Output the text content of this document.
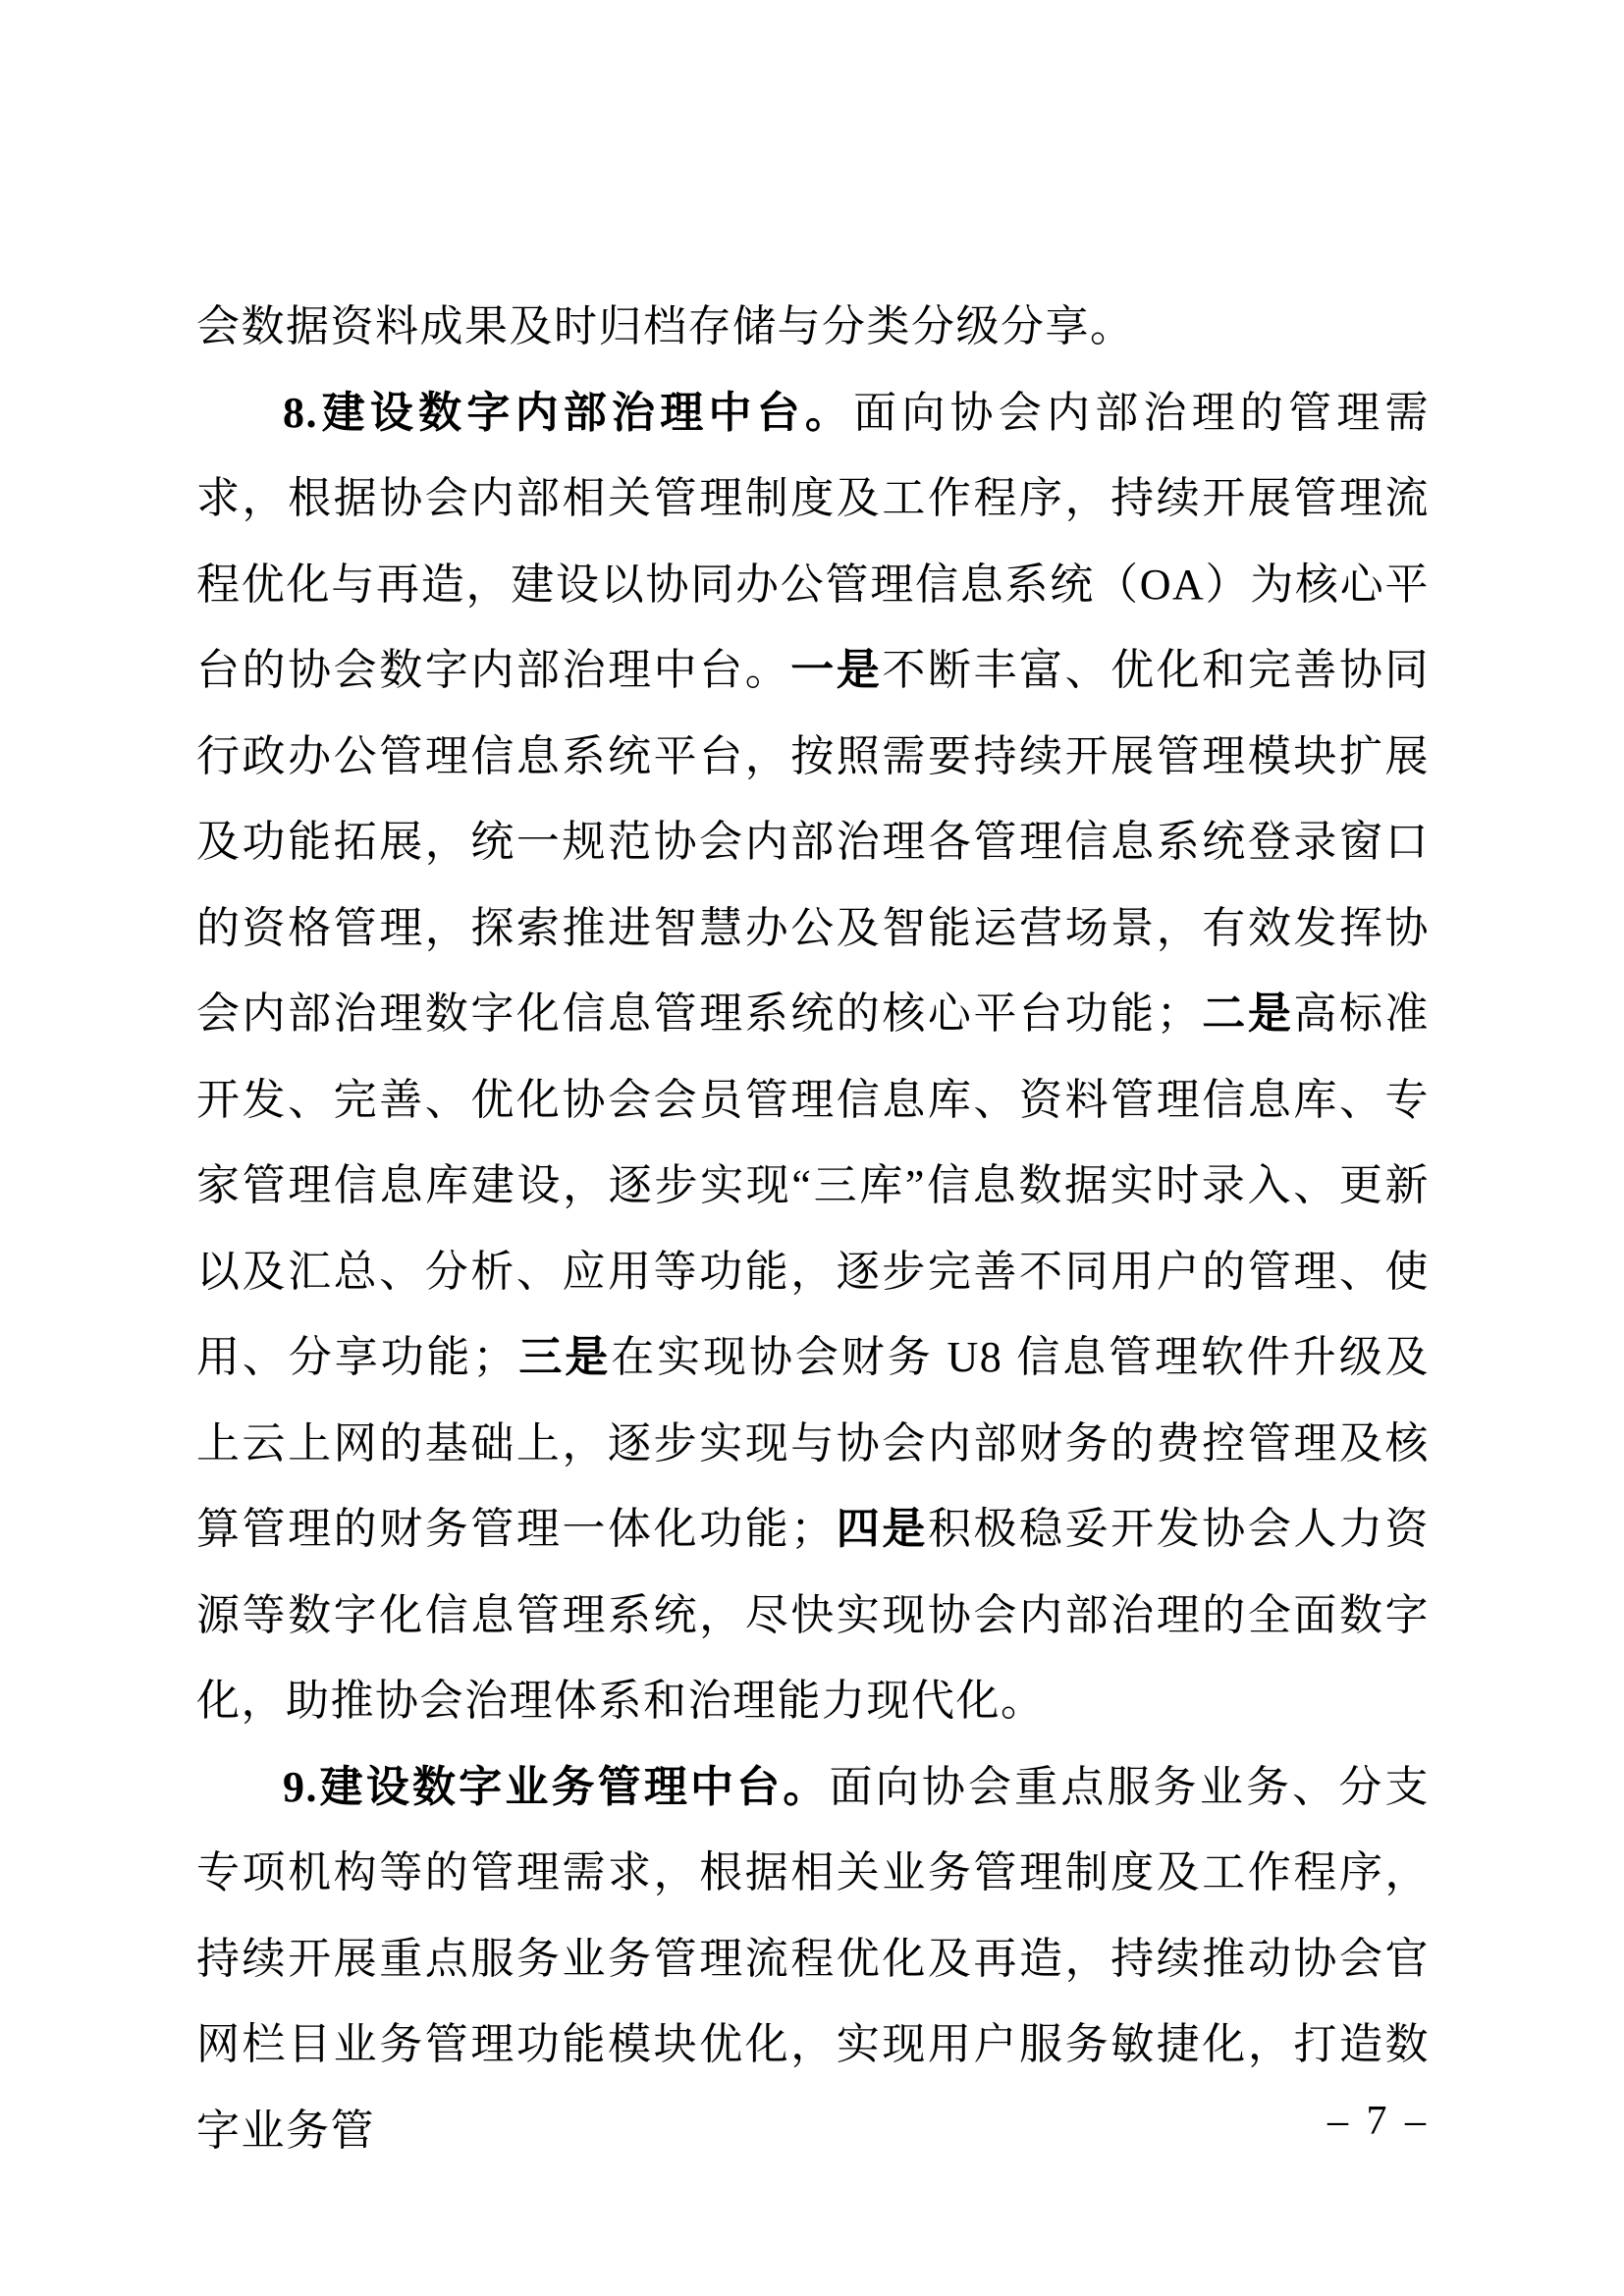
会数据资料成果及时归档存储与分类分级分享。

8.建设数字内部治理中台。面向协会内部治理的管理需求，根据协会内部相关管理制度及工作程序，持续开展管理流程优化与再造，建设以协同办公管理信息系统（OA）为核心平台的协会数字内部治理中台。一是不断丰富、优化和完善协同行政办公管理信息系统平台，按照需要持续开展管理模块扩展及功能拓展，统一规范协会内部治理各管理信息系统登录窗口的资格管理，探索推进智慧办公及智能运营场景，有效发挥协会内部治理数字化信息管理系统的核心平台功能；二是高标准开发、完善、优化协会会员管理信息库、资料管理信息库、专家管理信息库建设，逐步实现“三库”信息数据实时录入、更新以及汇总、分析、应用等功能，逐步完善不同用户的管理、使用、分享功能；三是在实现协会财务 U8 信息管理软件升级及上云上网的基础上，逐步实现与协会内部财务的费控管理及核算管理的财务管理一体化功能；四是积极稳妥开发协会人力资源等数字化信息管理系统，尽快实现协会内部治理的全面数字化，助推协会治理体系和治理能力现代化。

9.建设数字业务管理中台。面向协会重点服务业务、分支专项机构等的管理需求，根据相关业务管理制度及工作程序，持续开展重点服务业务管理流程优化及再造，持续推动协会官网栏目业务管理功能模块优化，实现用户服务敏捷化，打造数字业务管	– 7 –
